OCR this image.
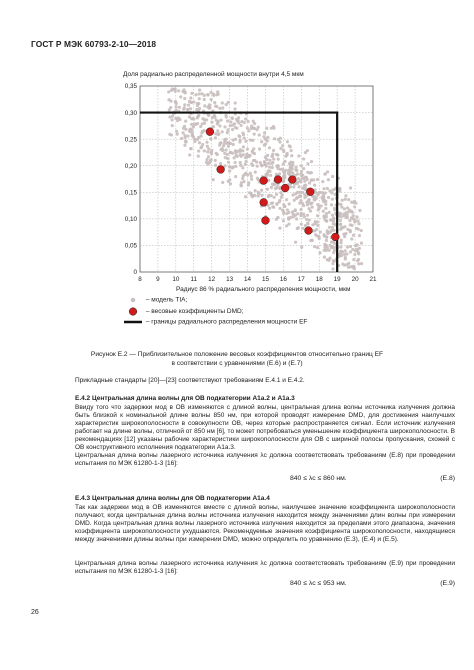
ГОСТ Р МЭК 60793-2-10—2018
Доля радиально распределенной мощности внутри 4,5 мкм
8 9 10 11 12 13 14 15 16 17 18 19 20 21
0
0,05
0,10
0,15
0,20
0,25
0,30
0,35
Радиус 86 % радиального распределения мощности, мкм
– модель TIA;
– весовые коэффициенты DMD;
– границы радиального распределения мощности EF
Рисунок Е.2 — Приблизительное положение весовых коэффициентов относительно границ EF
в соответствии с уравнениями (Е.6) и (Е.7)
Прикладные стандарты [20]—[23] соответствуют требованиям Е.4.1 и Е.4.2.
Е.4.2 Центральная длина волны для ОВ подкатегории А1а.2 и А1а.3
Ввиду того что задержки мод в ОВ изменяются с длиной волны, центральная длина волны источника излучения должна быть близкой к номинальной длине волны 850 нм, при которой проводят измерение DMD, для достижения наилучших характеристик широкополосности в совокупности ОВ, через которые распространяется сигнал. Если источник излучения работает на длине волны, отличной от 850 нм [6], то может потребоваться уменьшение коэффициента широкополосности. В рекомендациях [12] указаны рабочие характеристики широкополосности для ОВ с шириной полосы пропускания, схожей с ОВ конструктивного исполнения подкатегории А1а.3.
Центральная длина волны лазерного источника излучения λc должна соответствовать требованиям (Е.8) при проведении испытания по МЭК 61280-1-3 [16]:
840 ≤ λc ≤ 860 нм.	(Е.8)
Е.4.3 Центральная длина волны для ОВ подкатегории А1а.4
Так как задержки мод в ОВ изменяются вместе с длиной волны, наилучшее значение коэффициента широкополосности получают, когда центральная длина волны источника излучения находится между значениями длин волны при измерении DMD. Когда центральная длина волны лазерного источника излучения находится за пределами этого диапазона, значения коэффициента широкополосности ухудшаются. Рекомендуемые значения коэффициента широкополосности, находящиеся между значениями длины волны при измерении DMD, можно определить по уравнению (Е.3), (Е.4) и (Е.5).
Центральная длина волны лазерного источника излучения λc должна соответствовать требованиям (Е.9) при проведении испытания по МЭК 61280-1-3 [16]:
840 ≤ λc ≤ 953 нм.	(Е.9)
26
